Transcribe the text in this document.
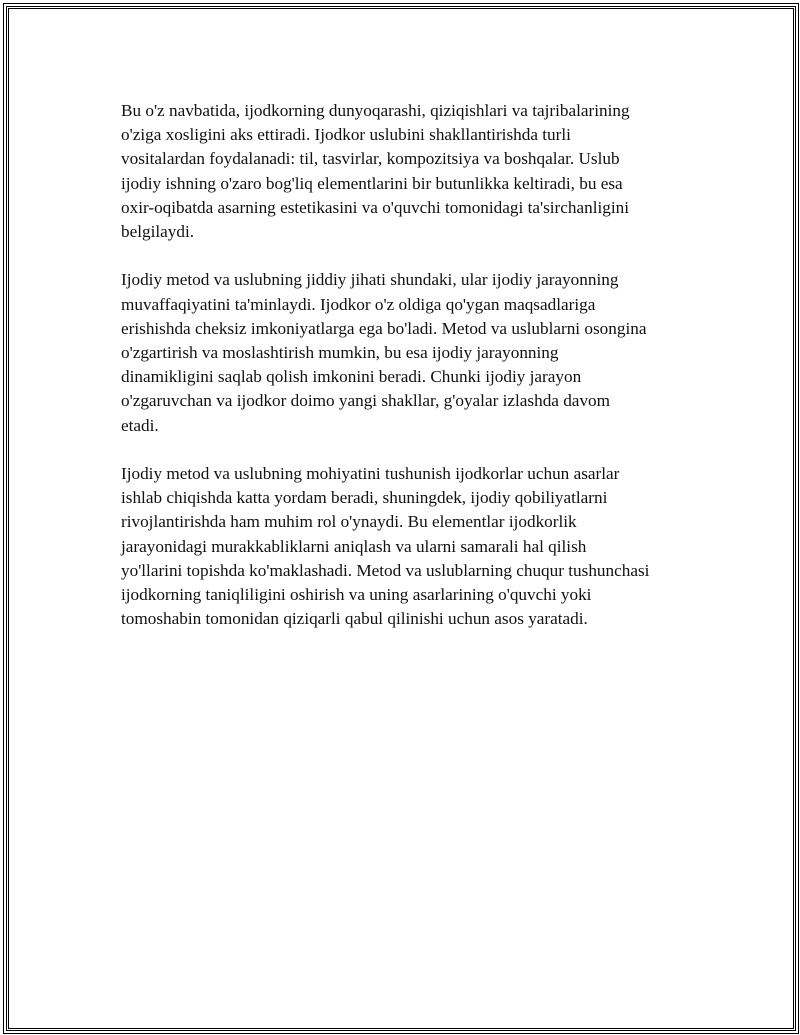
Bu o'z navbatida, ijodkorning dunyoqarashi, qiziqishlari va tajribalarining
o'ziga xosligini aks ettiradi. Ijodkor uslubini shakllantirishda turli
vositalardan foydalanadi: til, tasvirlar, kompozitsiya va boshqalar. Uslub
ijodiy ishning o'zaro bog'liq elementlarini bir butunlikka keltiradi, bu esa
oxir-oqibatda asarning estetikasini va o'quvchi tomonidagi ta'sirchanligini
belgilaydi.

Ijodiy metod va uslubning jiddiy jihati shundaki, ular ijodiy jarayonning
muvaffaqiyatini ta'minlaydi. Ijodkor o'z oldiga qo'ygan maqsadlariga
erishishda cheksiz imkoniyatlarga ega bo'ladi. Metod va uslublarni osongina
o'zgartirish va moslashtirish mumkin, bu esa ijodiy jarayonning
dinamikligini saqlab qolish imkonini beradi. Chunki ijodiy jarayon
o'zgaruvchan va ijodkor doimo yangi shakllar, g'oyalar izlashda davom
etadi.

Ijodiy metod va uslubning mohiyatini tushunish ijodkorlar uchun asarlar
ishlab chiqishda katta yordam beradi, shuningdek, ijodiy qobiliyatlarni
rivojlantirishda ham muhim rol o'ynaydi. Bu elementlar ijodkorlik
jarayonidagi murakkabliklarni aniqlash va ularni samarali hal qilish
yo'llarini topishda ko'maklashadi. Metod va uslublarning chuqur tushunchasi
ijodkorning taniqliligini oshirish va uning asarlarining o'quvchi yoki
tomoshabin tomonidan qiziqarli qabul qilinishi uchun asos yaratadi.
